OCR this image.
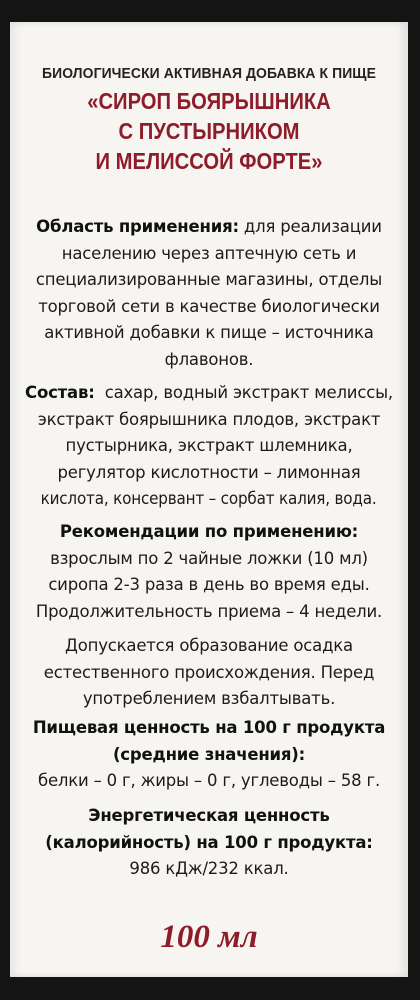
БИОЛОГИЧЕСКИ АКТИВНАЯ ДОБАВКА К ПИЩЕ
«СИРОП БОЯРЫШНИКА
С ПУСТЫРНИКОМ
И МЕЛИССОЙ ФОРТЕ»
Область применения: для реализации
населению через аптечную сеть и
специализированные магазины, отделы
торговой сети в качестве биологически
активной добавки к пище – источника
флавонов.
Состав:  сахар, водный экстракт мелиссы,
экстракт боярышника плодов, экстракт
пустырника, экстракт шлемника,
регулятор кислотности – лимонная
кислота, консервант – сорбат калия, вода.
Рекомендации по применению:
взрослым по 2 чайные ложки (10 мл)
сиропа 2-3 раза в день во время еды.
Продолжительность приема – 4 недели.
Допускается образование осадка
естественного происхождения. Перед
употреблением взбалтывать.
Пищевая ценность на 100 г продукта
(средние значения):
белки – 0 г, жиры – 0 г, углеводы – 58 г.
Энергетическая ценность
(калорийность) на 100 г продукта:
986 кДж/232 ккал.
100 мл
